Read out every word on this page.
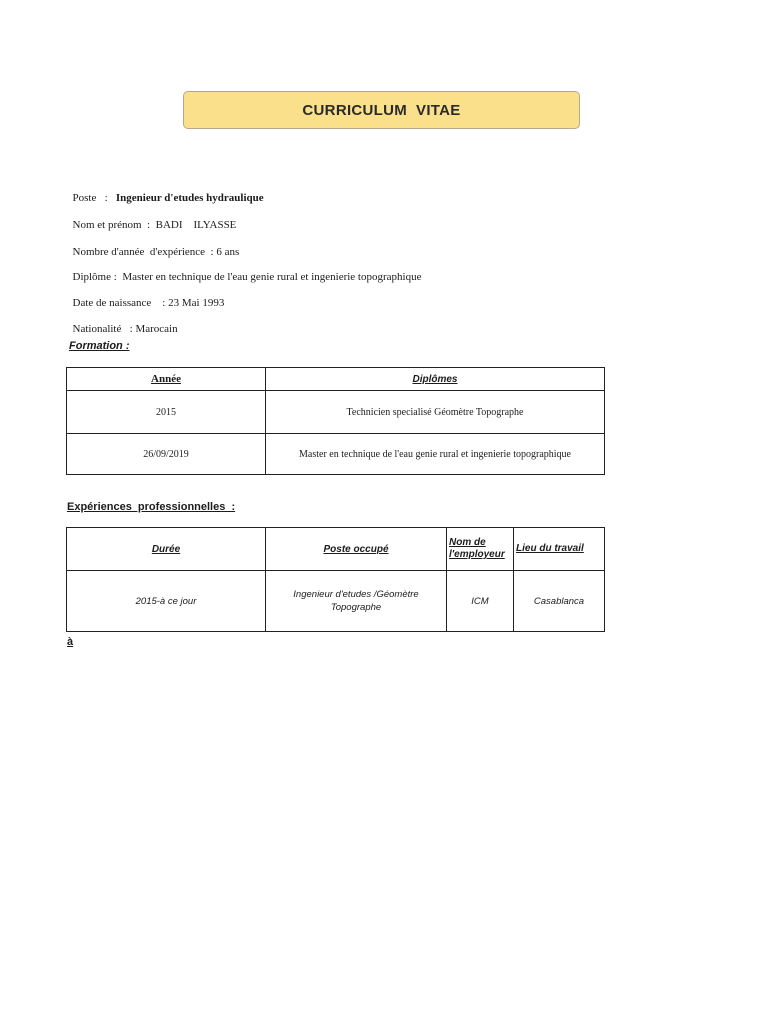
CURRICULUM  VITAE

Poste   :   Ingenieur d'etudes hydraulique

Nom et prénom  :  BADI    ILYASSE

Nombre d'année  d'expérience  : 6 ans

Diplôme :  Master en technique de l'eau genie rural et ingenierie topographique

Date de naissance    : 23 Mai 1993

Nationalité   : Marocain

Formation :
Année	Diplômes
2015	Technicien specialisé Géomètre Topographe
26/09/2019	Master en technique de l'eau genie rural et ingenierie topographique
Expériences  professionnelles  :
Durée	Poste occupé	Nom de l'employeur	Lieu du travail
2015-à ce jour	Ingenieur d'etudes /Géomètre Topographe	ICM	Casablanca
à
